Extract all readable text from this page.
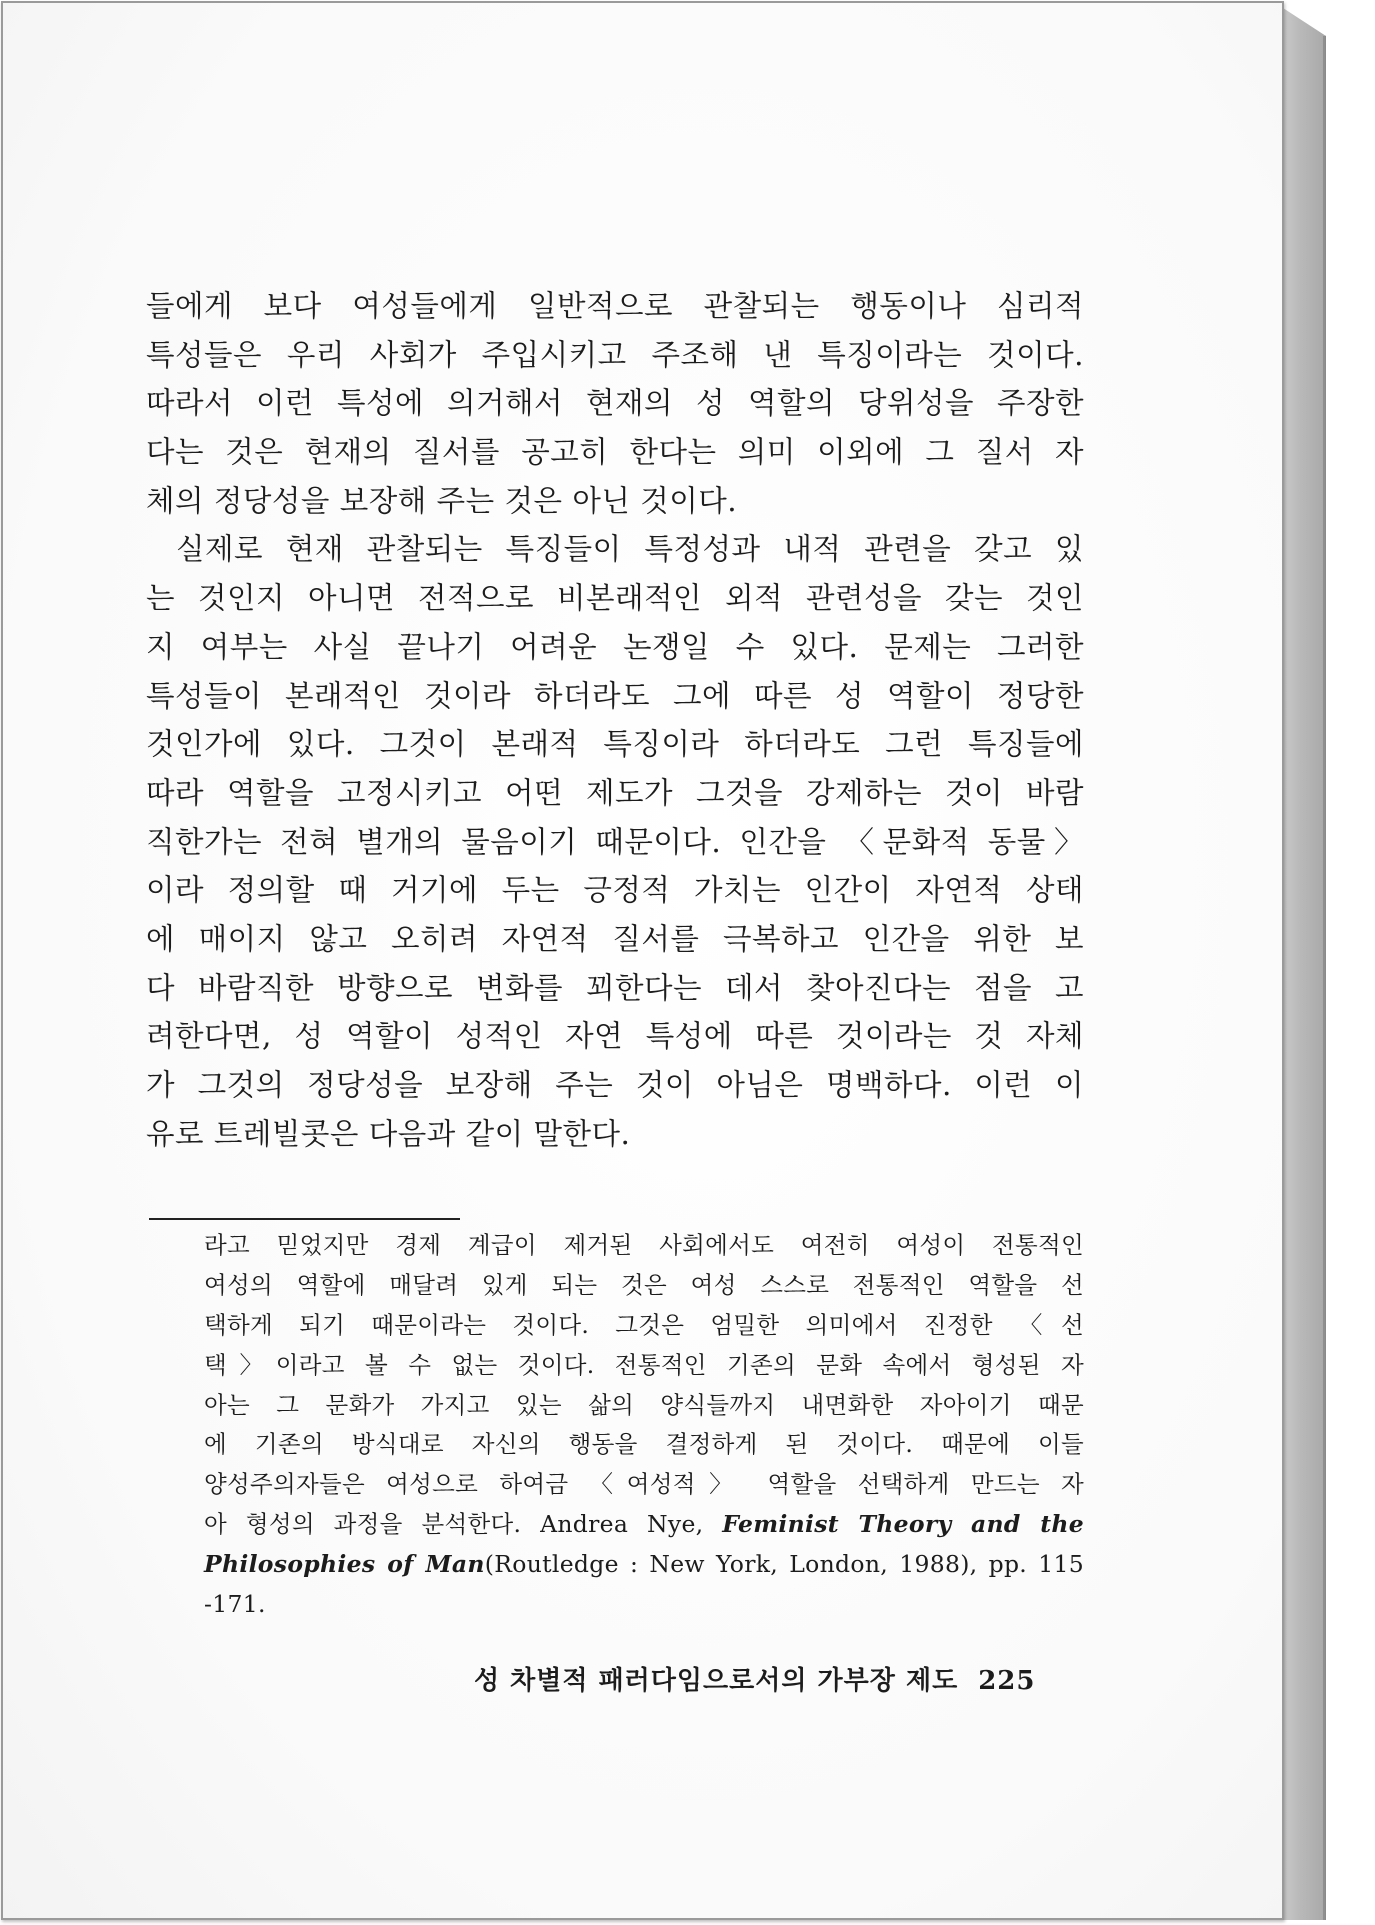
들에게 보다 여성들에게 일반적으로 관찰되는 행동이나 심리적
특성들은 우리 사회가 주입시키고 주조해 낸 특징이라는 것이다.
따라서 이런 특성에 의거해서 현재의 성 역할의 당위성을 주장한
다는 것은 현재의 질서를 공고히 한다는 의미 이외에 그 질서 자
체의 정당성을 보장해 주는 것은 아닌 것이다.
실제로 현재 관찰되는 특징들이 특정성과 내적 관련을 갖고 있
는 것인지 아니면 전적으로 비본래적인 외적 관련성을 갖는 것인
지 여부는 사실 끝나기 어려운 논쟁일 수 있다. 문제는 그러한
특성들이 본래적인 것이라 하더라도 그에 따른 성 역할이 정당한
것인가에 있다. 그것이 본래적 특징이라 하더라도 그런 특징들에
따라 역할을 고정시키고 어떤 제도가 그것을 강제하는 것이 바람
직한가는 전혀 별개의 물음이기 때문이다. 인간을 〈문화적 동물〉
이라 정의할 때 거기에 두는 긍정적 가치는 인간이 자연적 상태
에 매이지 않고 오히려 자연적 질서를 극복하고 인간을 위한 보
다 바람직한 방향으로 변화를 꾀한다는 데서 찾아진다는 점을 고
려한다면, 성 역할이 성적인 자연 특성에 따른 것이라는 것 자체
가 그것의 정당성을 보장해 주는 것이 아님은 명백하다. 이런 이
유로 트레빌콧은 다음과 같이 말한다.
라고 믿었지만 경제 계급이 제거된 사회에서도 여전히 여성이 전통적인
여성의 역할에 매달려 있게 되는 것은 여성 스스로 전통적인 역할을 선
택하게 되기 때문이라는 것이다. 그것은 엄밀한 의미에서 진정한 〈선
택〉이라고 볼 수 없는 것이다. 전통적인 기존의 문화 속에서 형성된 자
아는 그 문화가 가지고 있는 삶의 양식들까지 내면화한 자아이기 때문
에 기존의 방식대로 자신의 행동을 결정하게 된 것이다. 때문에 이들
양성주의자들은 여성으로 하여금 〈여성적〉 역할을 선택하게 만드는 자
아 형성의 과정을 분석한다. Andrea Nye, Feminist Theory and the
Philosophies of Man(Routledge : New York, London, 1988), pp. 115
-171.
성 차별적 패러다임으로서의 가부장 제도 225
